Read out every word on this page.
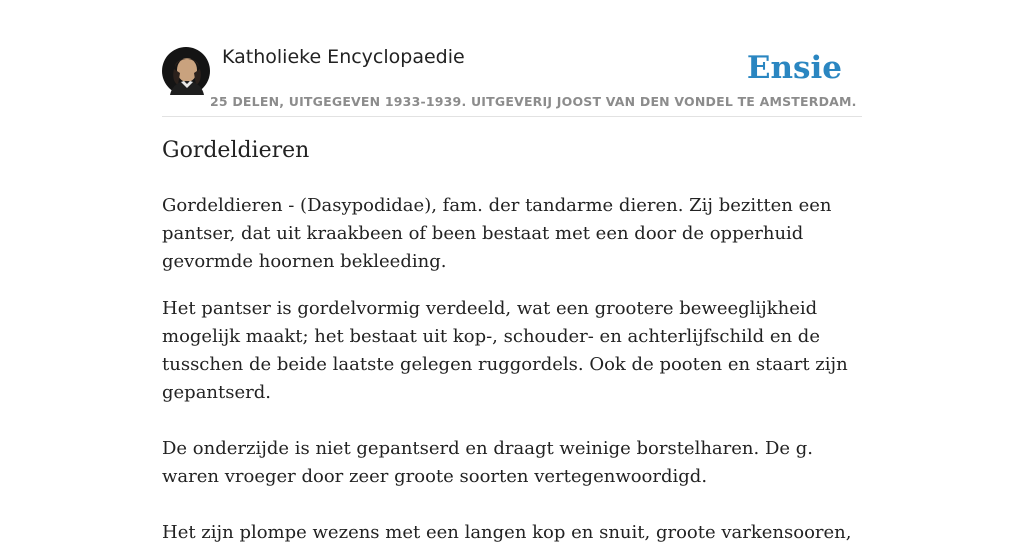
Katholieke Encyclopaedie
25 DELEN, UITGEGEVEN 1933-1939. UITGEVERIJ JOOST VAN DEN VONDEL TE AMSTERDAM.
Ensie
Gordeldieren

Gordeldieren - (Dasypodidae), fam. der tandarme dieren. Zij bezitten een pantser, dat uit kraakbeen of been bestaat met een door de opperhuid gevormde hoornen bekleeding.

Het pantser is gordelvormig verdeeld, wat een grootere beweeglijkheid mogelijk maakt; het bestaat uit kop-, schouder- en achterlijfschild en de tusschen de beide laatste gelegen ruggordels. Ook de pooten en staart zijn gepantserd.

De onderzijde is niet gepantserd en draagt weinige borstelharen. De g. waren vroeger door zeer groote soorten vertegenwoordigd.

Het zijn plompe wezens met een langen kop en snuit, groote varkensooren,
